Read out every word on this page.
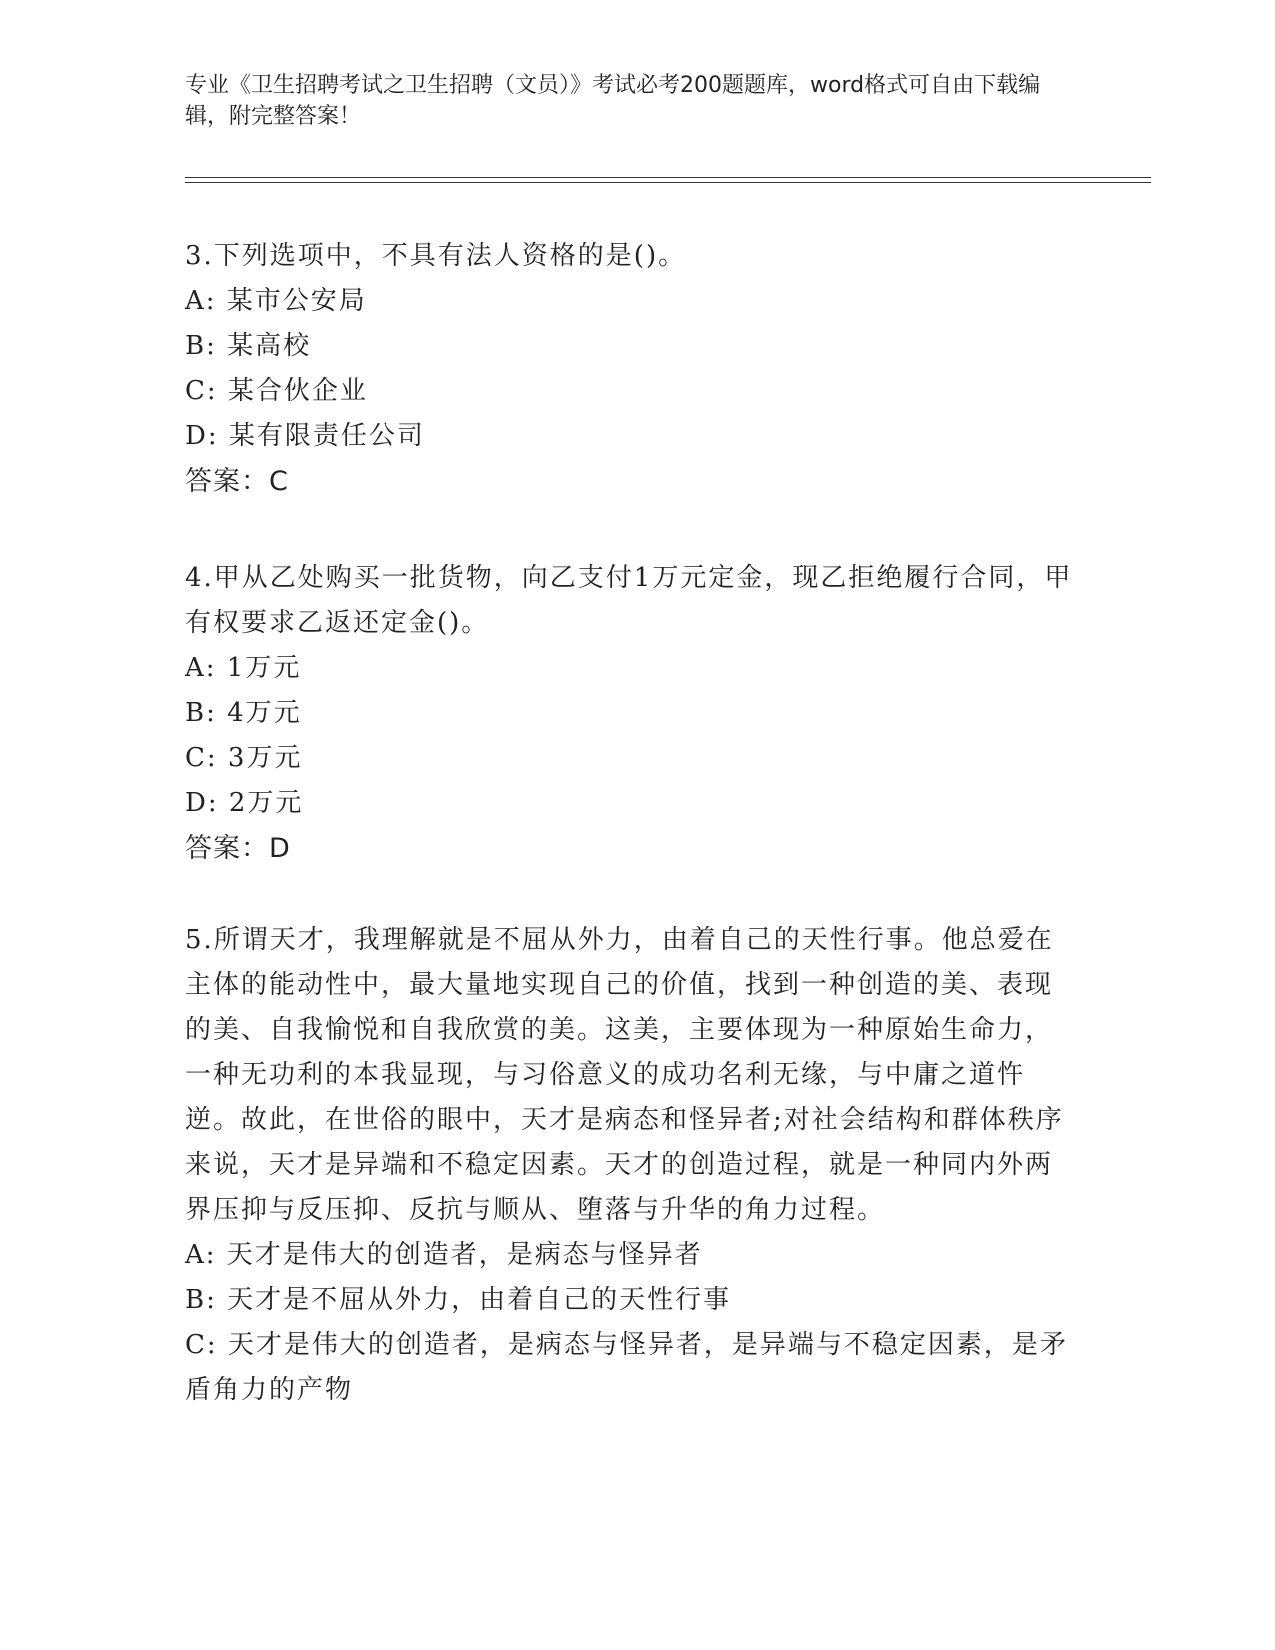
专业《卫生招聘考试之卫生招聘（文员）》考试必考200题题库，word格式可自由下载编辑，附完整答案！
3.下列选项中，不具有法人资格的是()。
A: 某市公安局
B: 某高校
C: 某合伙企业
D: 某有限责任公司
答案：C
4.甲从乙处购买一批货物，向乙支付1万元定金，现乙拒绝履行合同，甲有权要求乙返还定金()。
A: 1万元
B: 4万元
C: 3万元
D: 2万元
答案：D
5.所谓天才，我理解就是不屈从外力，由着自己的天性行事。他总爱在主体的能动性中，最大量地实现自己的价值，找到一种创造的美、表现的美、自我愉悦和自我欣赏的美。这美，主要体现为一种原始生命力，一种无功利的本我显现，与习俗意义的成功名利无缘，与中庸之道忤逆。故此，在世俗的眼中，天才是病态和怪异者;对社会结构和群体秩序来说，天才是异端和不稳定因素。天才的创造过程，就是一种同内外两界压抑与反压抑、反抗与顺从、堕落与升华的角力过程。
A: 天才是伟大的创造者，是病态与怪异者
B: 天才是不屈从外力，由着自己的天性行事
C: 天才是伟大的创造者，是病态与怪异者，是异端与不稳定因素，是矛盾角力的产物
